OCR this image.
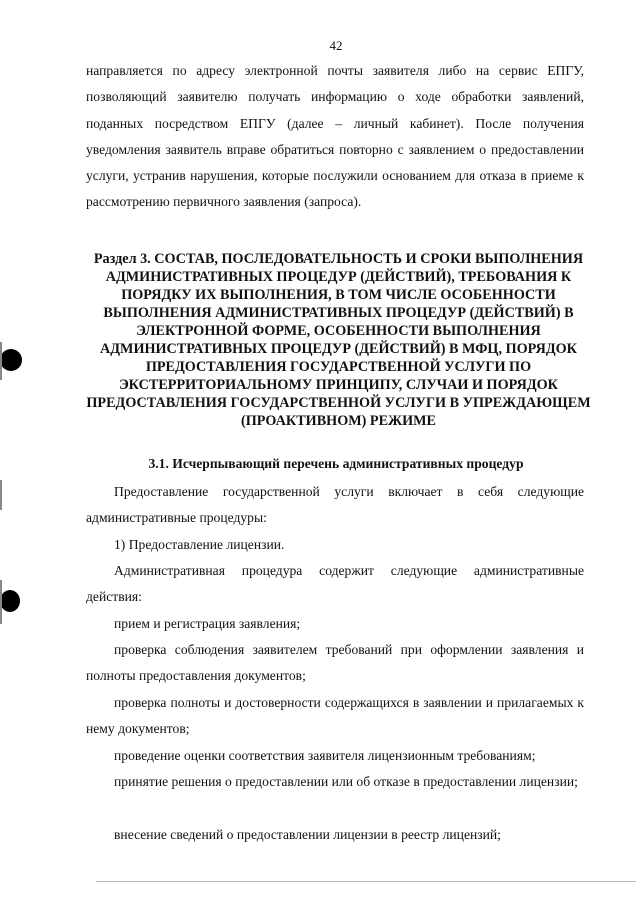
42

направляется по адресу электронной почты заявителя либо на сервис ЕПГУ, позволяющий заявителю получать информацию о ходе обработки заявлений, поданных посредством ЕПГУ (далее – личный кабинет). После получения уведомления заявитель вправе обратиться повторно с заявлением о предоставлении услуги, устранив нарушения, которые послужили основанием для отказа в приеме к рассмотрению первичного заявления (запроса).

Раздел 3. СОСТАВ, ПОСЛЕДОВАТЕЛЬНОСТЬ И СРОКИ ВЫПОЛНЕНИЯ АДМИНИСТРАТИВНЫХ ПРОЦЕДУР (ДЕЙСТВИЙ), ТРЕБОВАНИЯ К ПОРЯДКУ ИХ ВЫПОЛНЕНИЯ, В ТОМ ЧИСЛЕ ОСОБЕННОСТИ ВЫПОЛНЕНИЯ АДМИНИСТРАТИВНЫХ ПРОЦЕДУР (ДЕЙСТВИЙ) В ЭЛЕКТРОННОЙ ФОРМЕ, ОСОБЕННОСТИ ВЫПОЛНЕНИЯ АДМИНИСТРАТИВНЫХ ПРОЦЕДУР (ДЕЙСТВИЙ) В МФЦ, ПОРЯДОК ПРЕДОСТАВЛЕНИЯ ГОСУДАРСТВЕННОЙ УСЛУГИ ПО ЭКСТЕРРИТОРИАЛЬНОМУ ПРИНЦИПУ, СЛУЧАИ И ПОРЯДОК ПРЕДОСТАВЛЕНИЯ ГОСУДАРСТВЕННОЙ УСЛУГИ В УПРЕЖДАЮЩЕМ (ПРОАКТИВНОМ) РЕЖИМЕ
3.1. Исчерпывающий перечень административных процедур

Предоставление государственной услуги включает в себя следующие административные процедуры:

1) Предоставление лицензии.

Административная процедура содержит следующие административные действия:

прием и регистрация заявления;

проверка соблюдения заявителем требований при оформлении заявления и полноты предоставления документов;

проверка полноты и достоверности содержащихся в заявлении и прилагаемых к нему документов;

проведение оценки соответствия заявителя лицензионным требованиям;

принятие решения о предоставлении или об отказе в предоставлении лицензии;

внесение сведений о предоставлении лицензии в реестр лицензий;
